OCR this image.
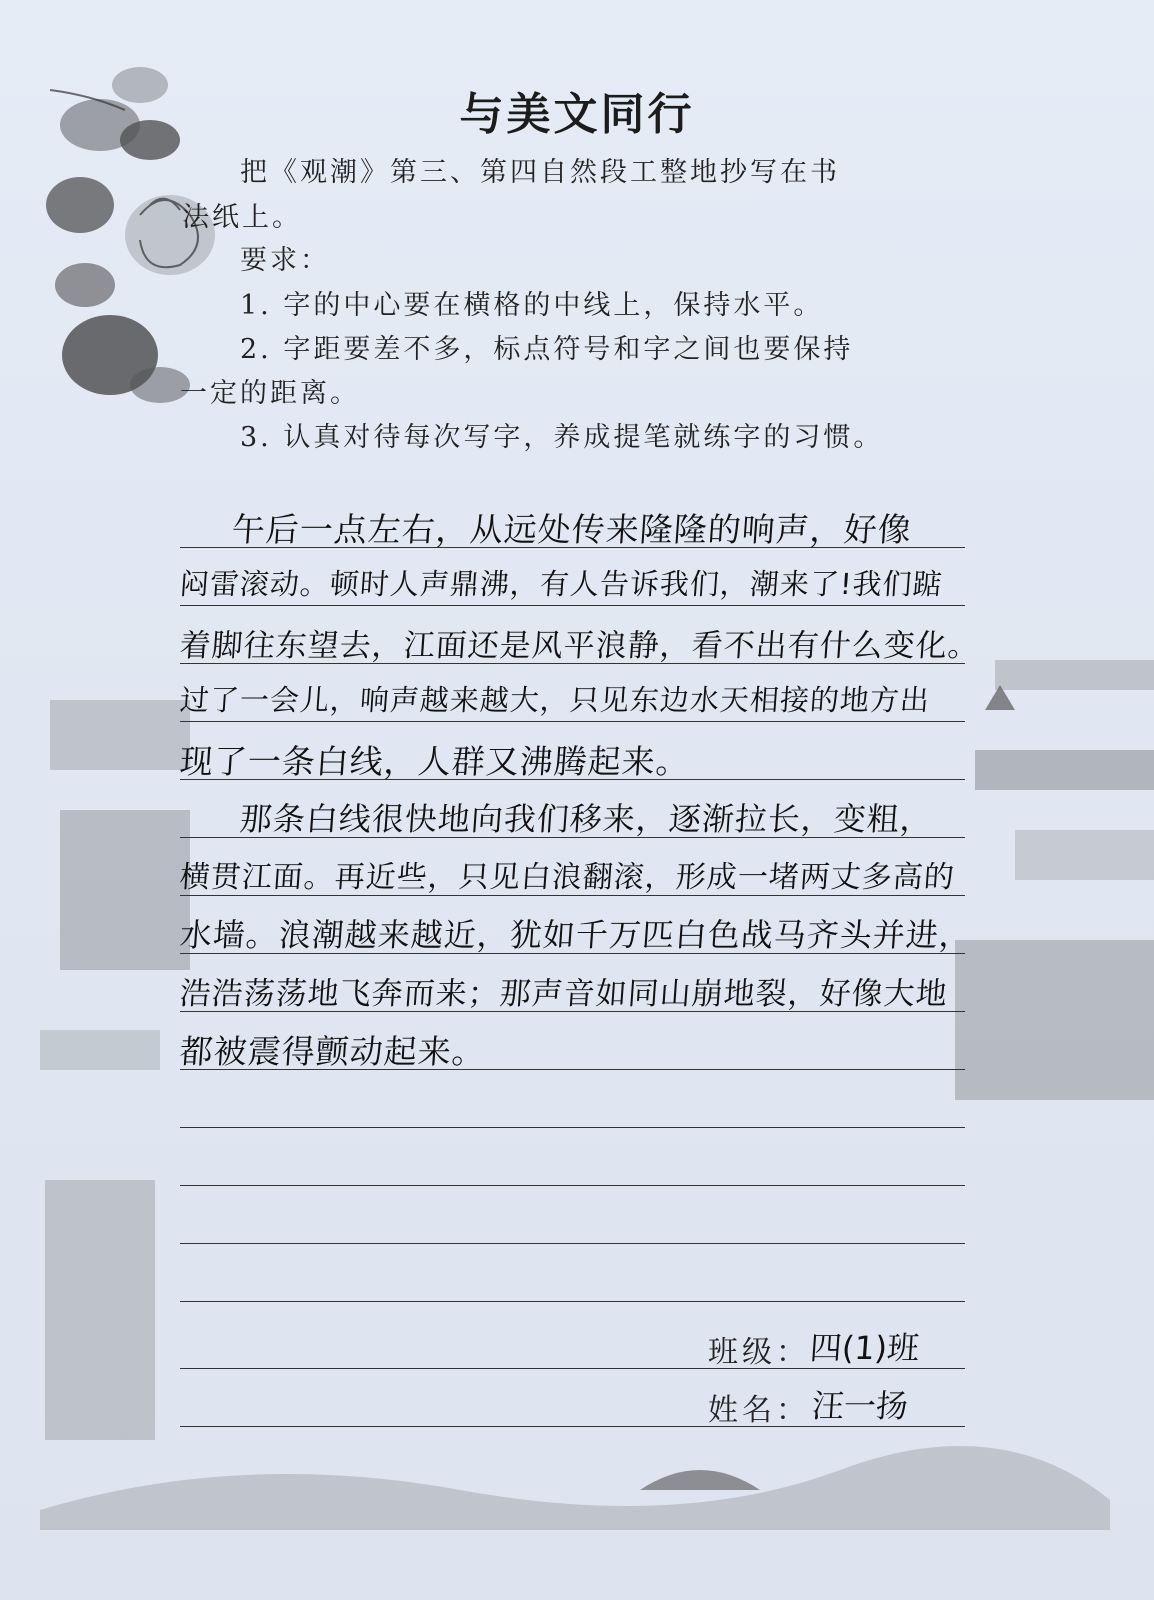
与美文同行
把《观潮》第三、第四自然段工整地抄写在书
法纸上。
要求：
1. 字的中心要在横格的中线上，保持水平。
2. 字距要差不多，标点符号和字之间也要保持
一定的距离。
3. 认真对待每次写字，养成提笔就练字的习惯。
午后一点左右，从远处传来隆隆的响声，好像
闷雷滚动。顿时人声鼎沸，有人告诉我们，潮来了!我们踮
着脚往东望去，江面还是风平浪静，看不出有什么变化。
过了一会儿，响声越来越大，只见东边水天相接的地方出
现了一条白线，人群又沸腾起来。
那条白线很快地向我们移来，逐渐拉长，变粗，
横贯江面。再近些，只见白浪翻滚，形成一堵两丈多高的
水墙。浪潮越来越近，犹如千万匹白色战马齐头并进，
浩浩荡荡地飞奔而来；那声音如同山崩地裂，好像大地
都被震得颤动起来。
班级：
四(1)班
姓名： 汪一扬
